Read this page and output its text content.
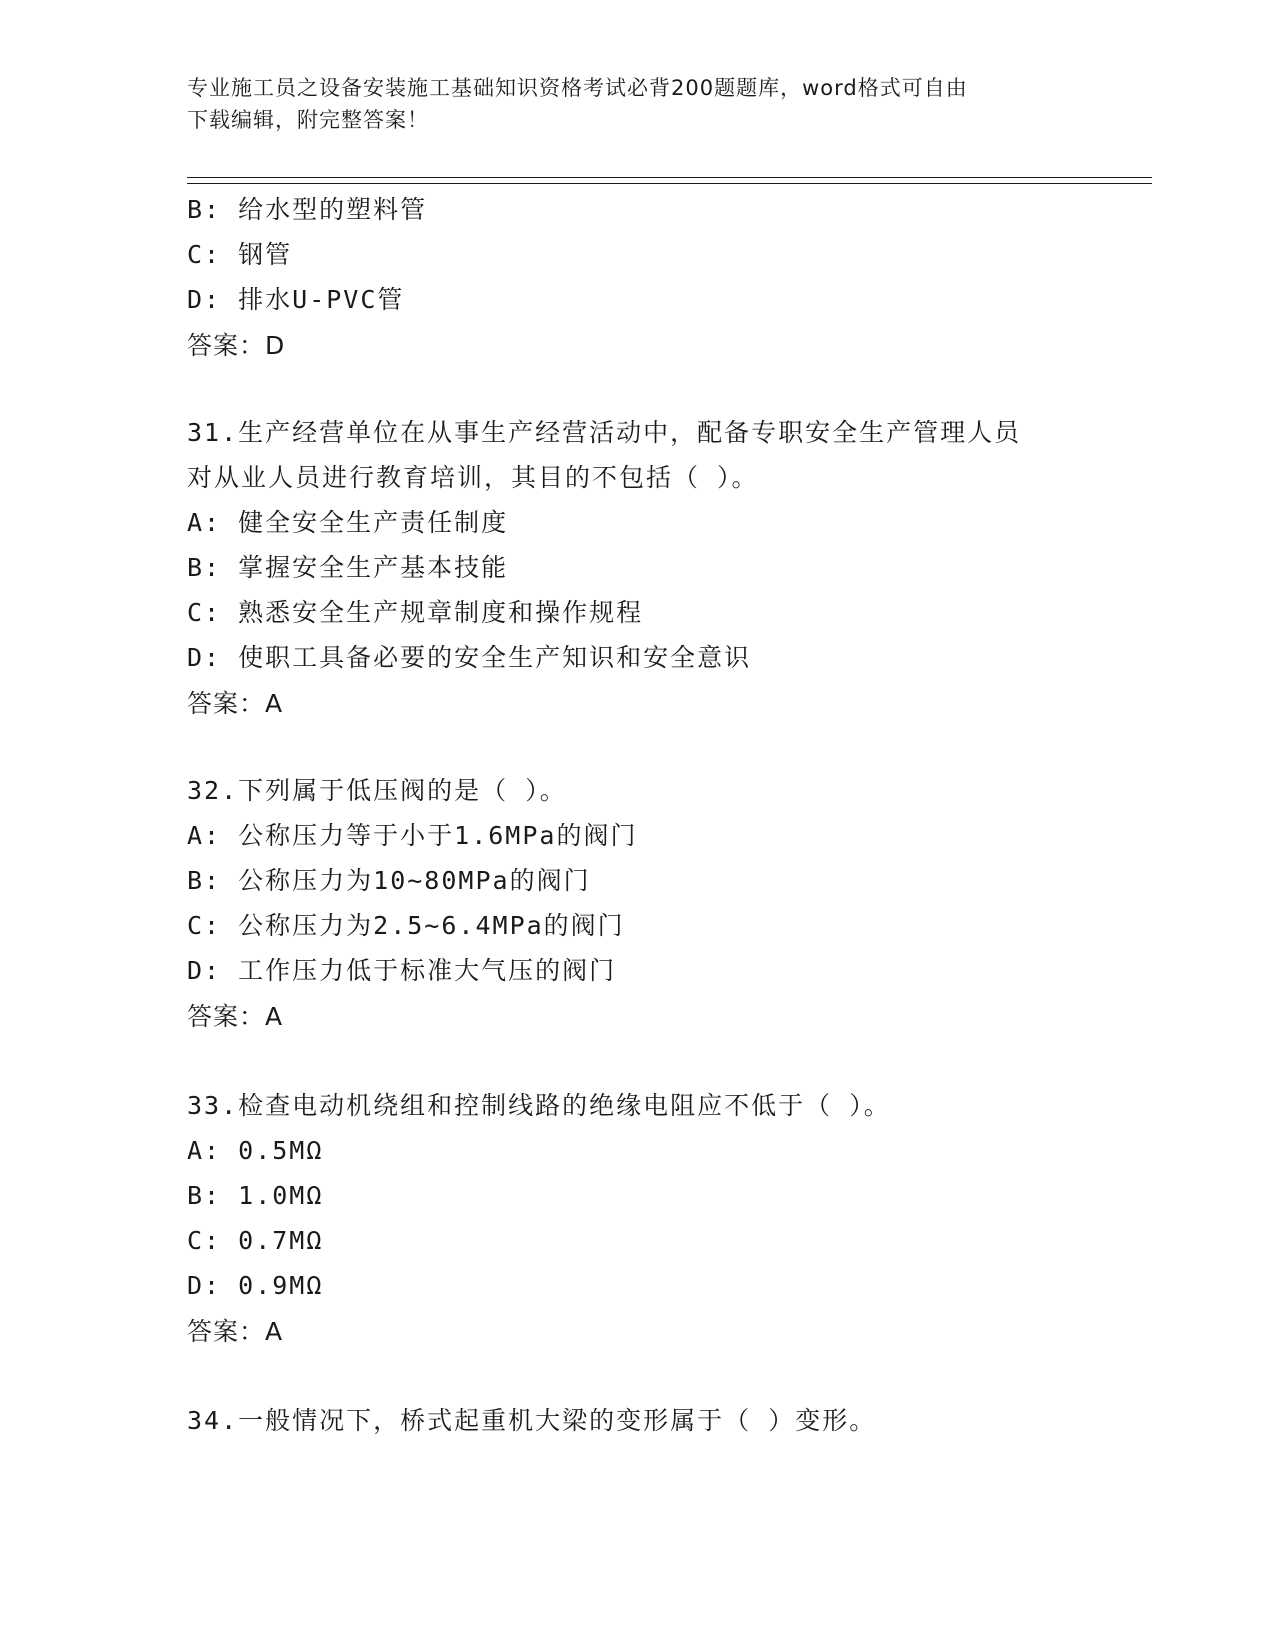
专业施工员之设备安装施工基础知识资格考试必背200题题库，word格式可自由
下载编辑，附完整答案！
B: 给水型的塑料管
C: 钢管
D: 排水U-PVC管
答案：D
31.生产经营单位在从事生产经营活动中，配备专职安全生产管理人员
对从业人员进行教育培训，其目的不包括（ ）。
A: 健全安全生产责任制度
B: 掌握安全生产基本技能
C: 熟悉安全生产规章制度和操作规程
D: 使职工具备必要的安全生产知识和安全意识
答案：A
32.下列属于低压阀的是（ ）。
A: 公称压力等于小于1.6MPa的阀门
B: 公称压力为10~80MPa的阀门
C: 公称压力为2.5~6.4MPa的阀门
D: 工作压力低于标准大气压的阀门
答案：A
33.检查电动机绕组和控制线路的绝缘电阻应不低于（ ）。
A: 0.5MΩ
B: 1.0MΩ
C: 0.7MΩ
D: 0.9MΩ
答案：A
34.一般情况下，桥式起重机大梁的变形属于（ ）变形。
